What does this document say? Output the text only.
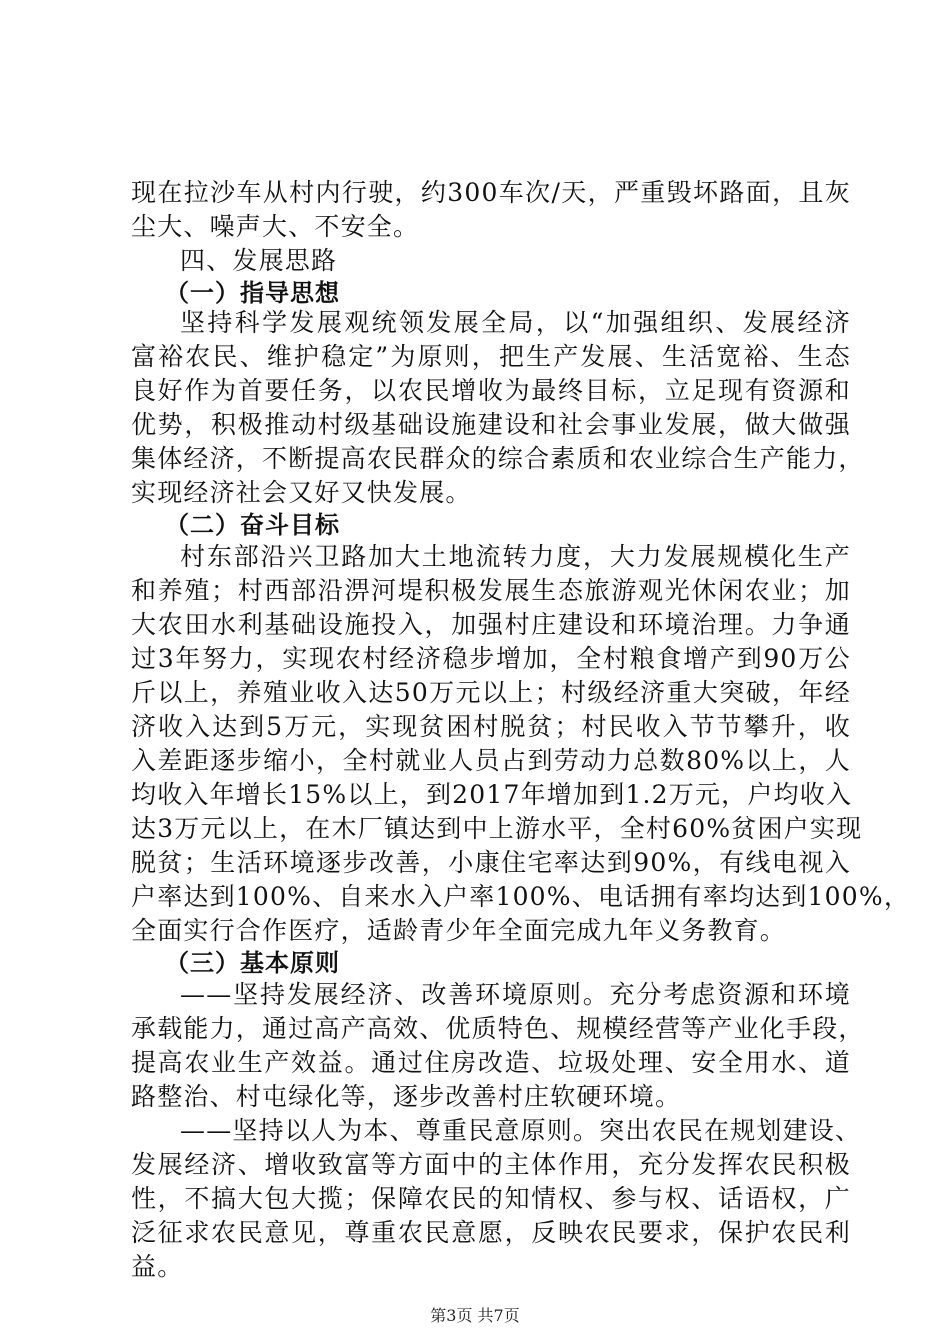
现在拉沙车从村内行驶，约300车次/天，严重毁坏路面，且灰
尘大、噪声大、不安全。
四、发展思路
（一）指导思想
坚持科学发展观统领发展全局，以“加强组织、发展经济
富裕农民、维护稳定”为原则，把生产发展、生活宽裕、生态
良好作为首要任务，以农民增收为最终目标，立足现有资源和
优势，积极推动村级基础设施建设和社会事业发展，做大做强
集体经济，不断提高农民群众的综合素质和农业综合生产能力，
实现经济社会又好又快发展。
（二）奋斗目标
村东部沿兴卫路加大土地流转力度，大力发展规模化生产
和养殖；村西部沿淠河堤积极发展生态旅游观光休闲农业；加
大农田水利基础设施投入，加强村庄建设和环境治理。力争通
过3年努力，实现农村经济稳步增加，全村粮食增产到90万公
斤以上，养殖业收入达50万元以上；村级经济重大突破，年经
济收入达到5万元，实现贫困村脱贫；村民收入节节攀升，收
入差距逐步缩小，全村就业人员占到劳动力总数80%以上，人
均收入年增长15%以上，到2017年增加到1.2万元，户均收入
达3万元以上，在木厂镇达到中上游水平，全村60%贫困户实现
脱贫；生活环境逐步改善，小康住宅率达到90%，有线电视入
户率达到100%、自来水入户率100%、电话拥有率均达到100%，
全面实行合作医疗，适龄青少年全面完成九年义务教育。
（三）基本原则
——坚持发展经济、改善环境原则。充分考虑资源和环境
承载能力，通过高产高效、优质特色、规模经营等产业化手段，
提高农业生产效益。通过住房改造、垃圾处理、安全用水、道
路整治、村屯绿化等，逐步改善村庄软硬环境。
——坚持以人为本、尊重民意原则。突出农民在规划建设、
发展经济、增收致富等方面中的主体作用，充分发挥农民积极
性，不搞大包大揽；保障农民的知情权、参与权、话语权，广
泛征求农民意见，尊重农民意愿，反映农民要求，保护农民利
益。
第3页 共7页
